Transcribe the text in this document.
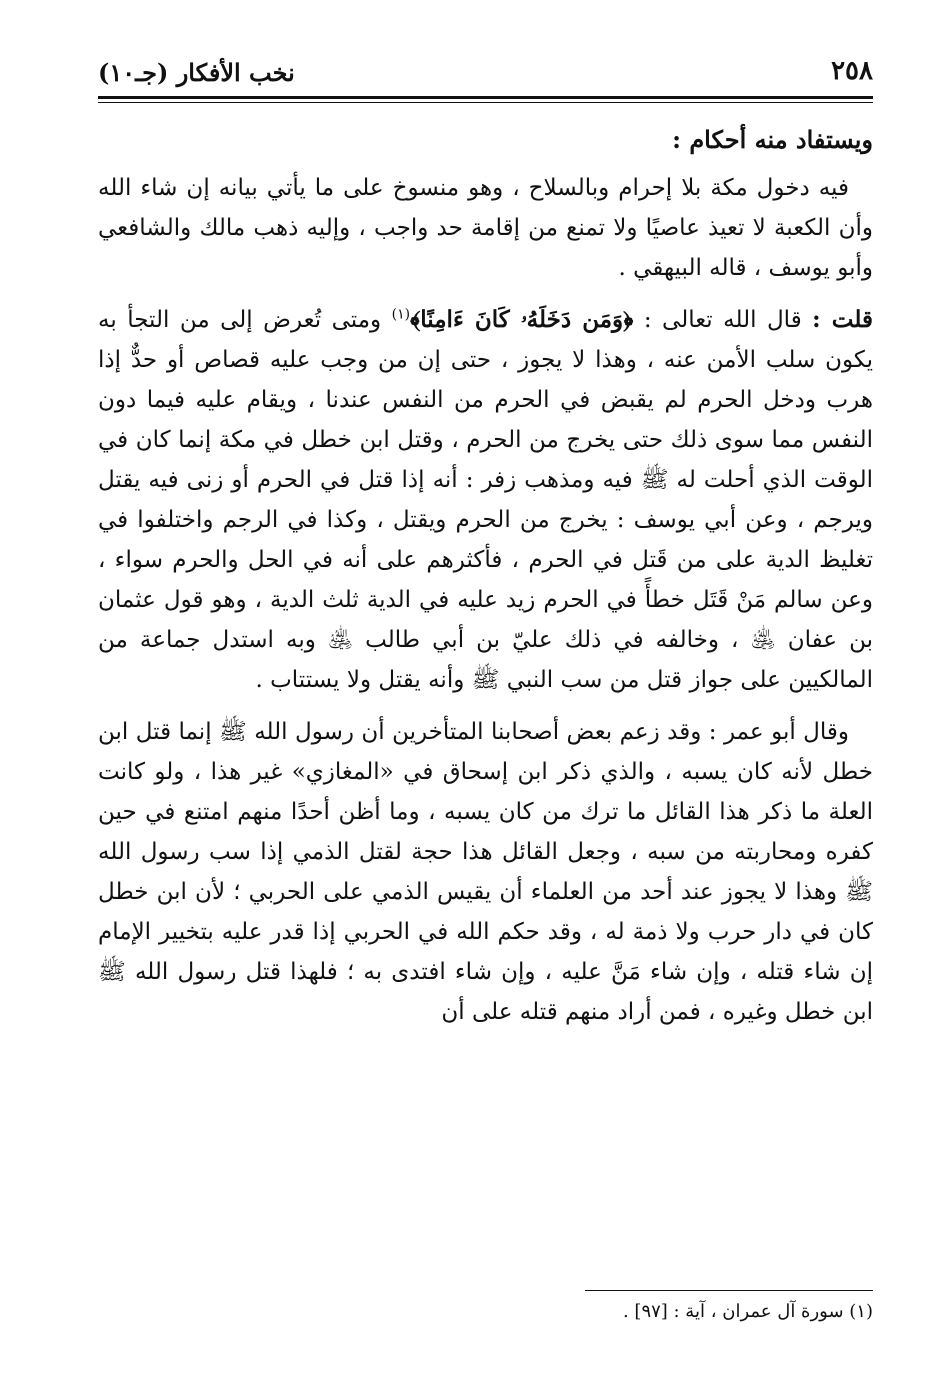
٢٥٨
نخب الأفكار (جـ١٠)
ويستفاد منه أحكام :

فيه دخول مكة بلا إحرام وبالسلاح ، وهو منسوخ على ما يأتي بيانه إن شاء الله وأن الكعبة لا تعيذ عاصيًا ولا تمنع من إقامة حد واجب ، وإليه ذهب مالك والشافعي وأبو يوسف ، قاله البيهقي .

قلت : قال الله تعالى : ﴿وَمَن دَخَلَهُۥ كَانَ ءَامِنًا﴾$^{(١)}$ ومتى تُعرض إلى من التجأ به يكون سلب الأمن عنه ، وهذا لا يجوز ، حتى إن من وجب عليه قصاص أو حدٌّ إذا هرب ودخل الحرم لم يقبض في الحرم من النفس عندنا ، ويقام عليه فيما دون النفس مما سوى ذلك حتى يخرج من الحرم ، وقتل ابن خطل في مكة إنما كان في الوقت الذي أحلت له ﷺ فيه ومذهب زفر : أنه إذا قتل في الحرم أو زنى فيه يقتل ويرجم ، وعن أبي يوسف : يخرج من الحرم ويقتل ، وكذا في الرجم واختلفوا في تغليظ الدية على من قَتل في الحرم ، فأكثرهم على أنه في الحل والحرم سواء ، وعن سالم مَنْ قَتَل خطأً في الحرم زيد عليه في الدية ثلث الدية ، وهو قول عثمان بن عفان ﵁ ، وخالفه في ذلك عليّ بن أبي طالب ﵁ وبه استدل جماعة من المالكيين على جواز قتل من سب النبي ﷺ وأنه يقتل ولا يستتاب .

وقال أبو عمر : وقد زعم بعض أصحابنا المتأخرين أن رسول الله ﷺ إنما قتل ابن خطل لأنه كان يسبه ، والذي ذكر ابن إسحاق في «المغازي» غير هذا ، ولو كانت العلة ما ذكر هذا القائل ما ترك من كان يسبه ، وما أظن أحدًا منهم امتنع في حين كفره ومحاربته من سبه ، وجعل القائل هذا حجة لقتل الذمي إذا سب رسول الله ﷺ وهذا لا يجوز عند أحد من العلماء أن يقيس الذمي على الحربي ؛ لأن ابن خطل كان في دار حرب ولا ذمة له ، وقد حكم الله في الحربي إذا قدر عليه بتخيير الإمام إن شاء قتله ، وإن شاء مَنَّ عليه ، وإن شاء افتدى به ؛ فلهذا قتل رسول الله ﷺ ابن خطل وغيره ، فمن أراد منهم قتله على أن

(١) سورة آل عمران ، آية : [٩٧] .
